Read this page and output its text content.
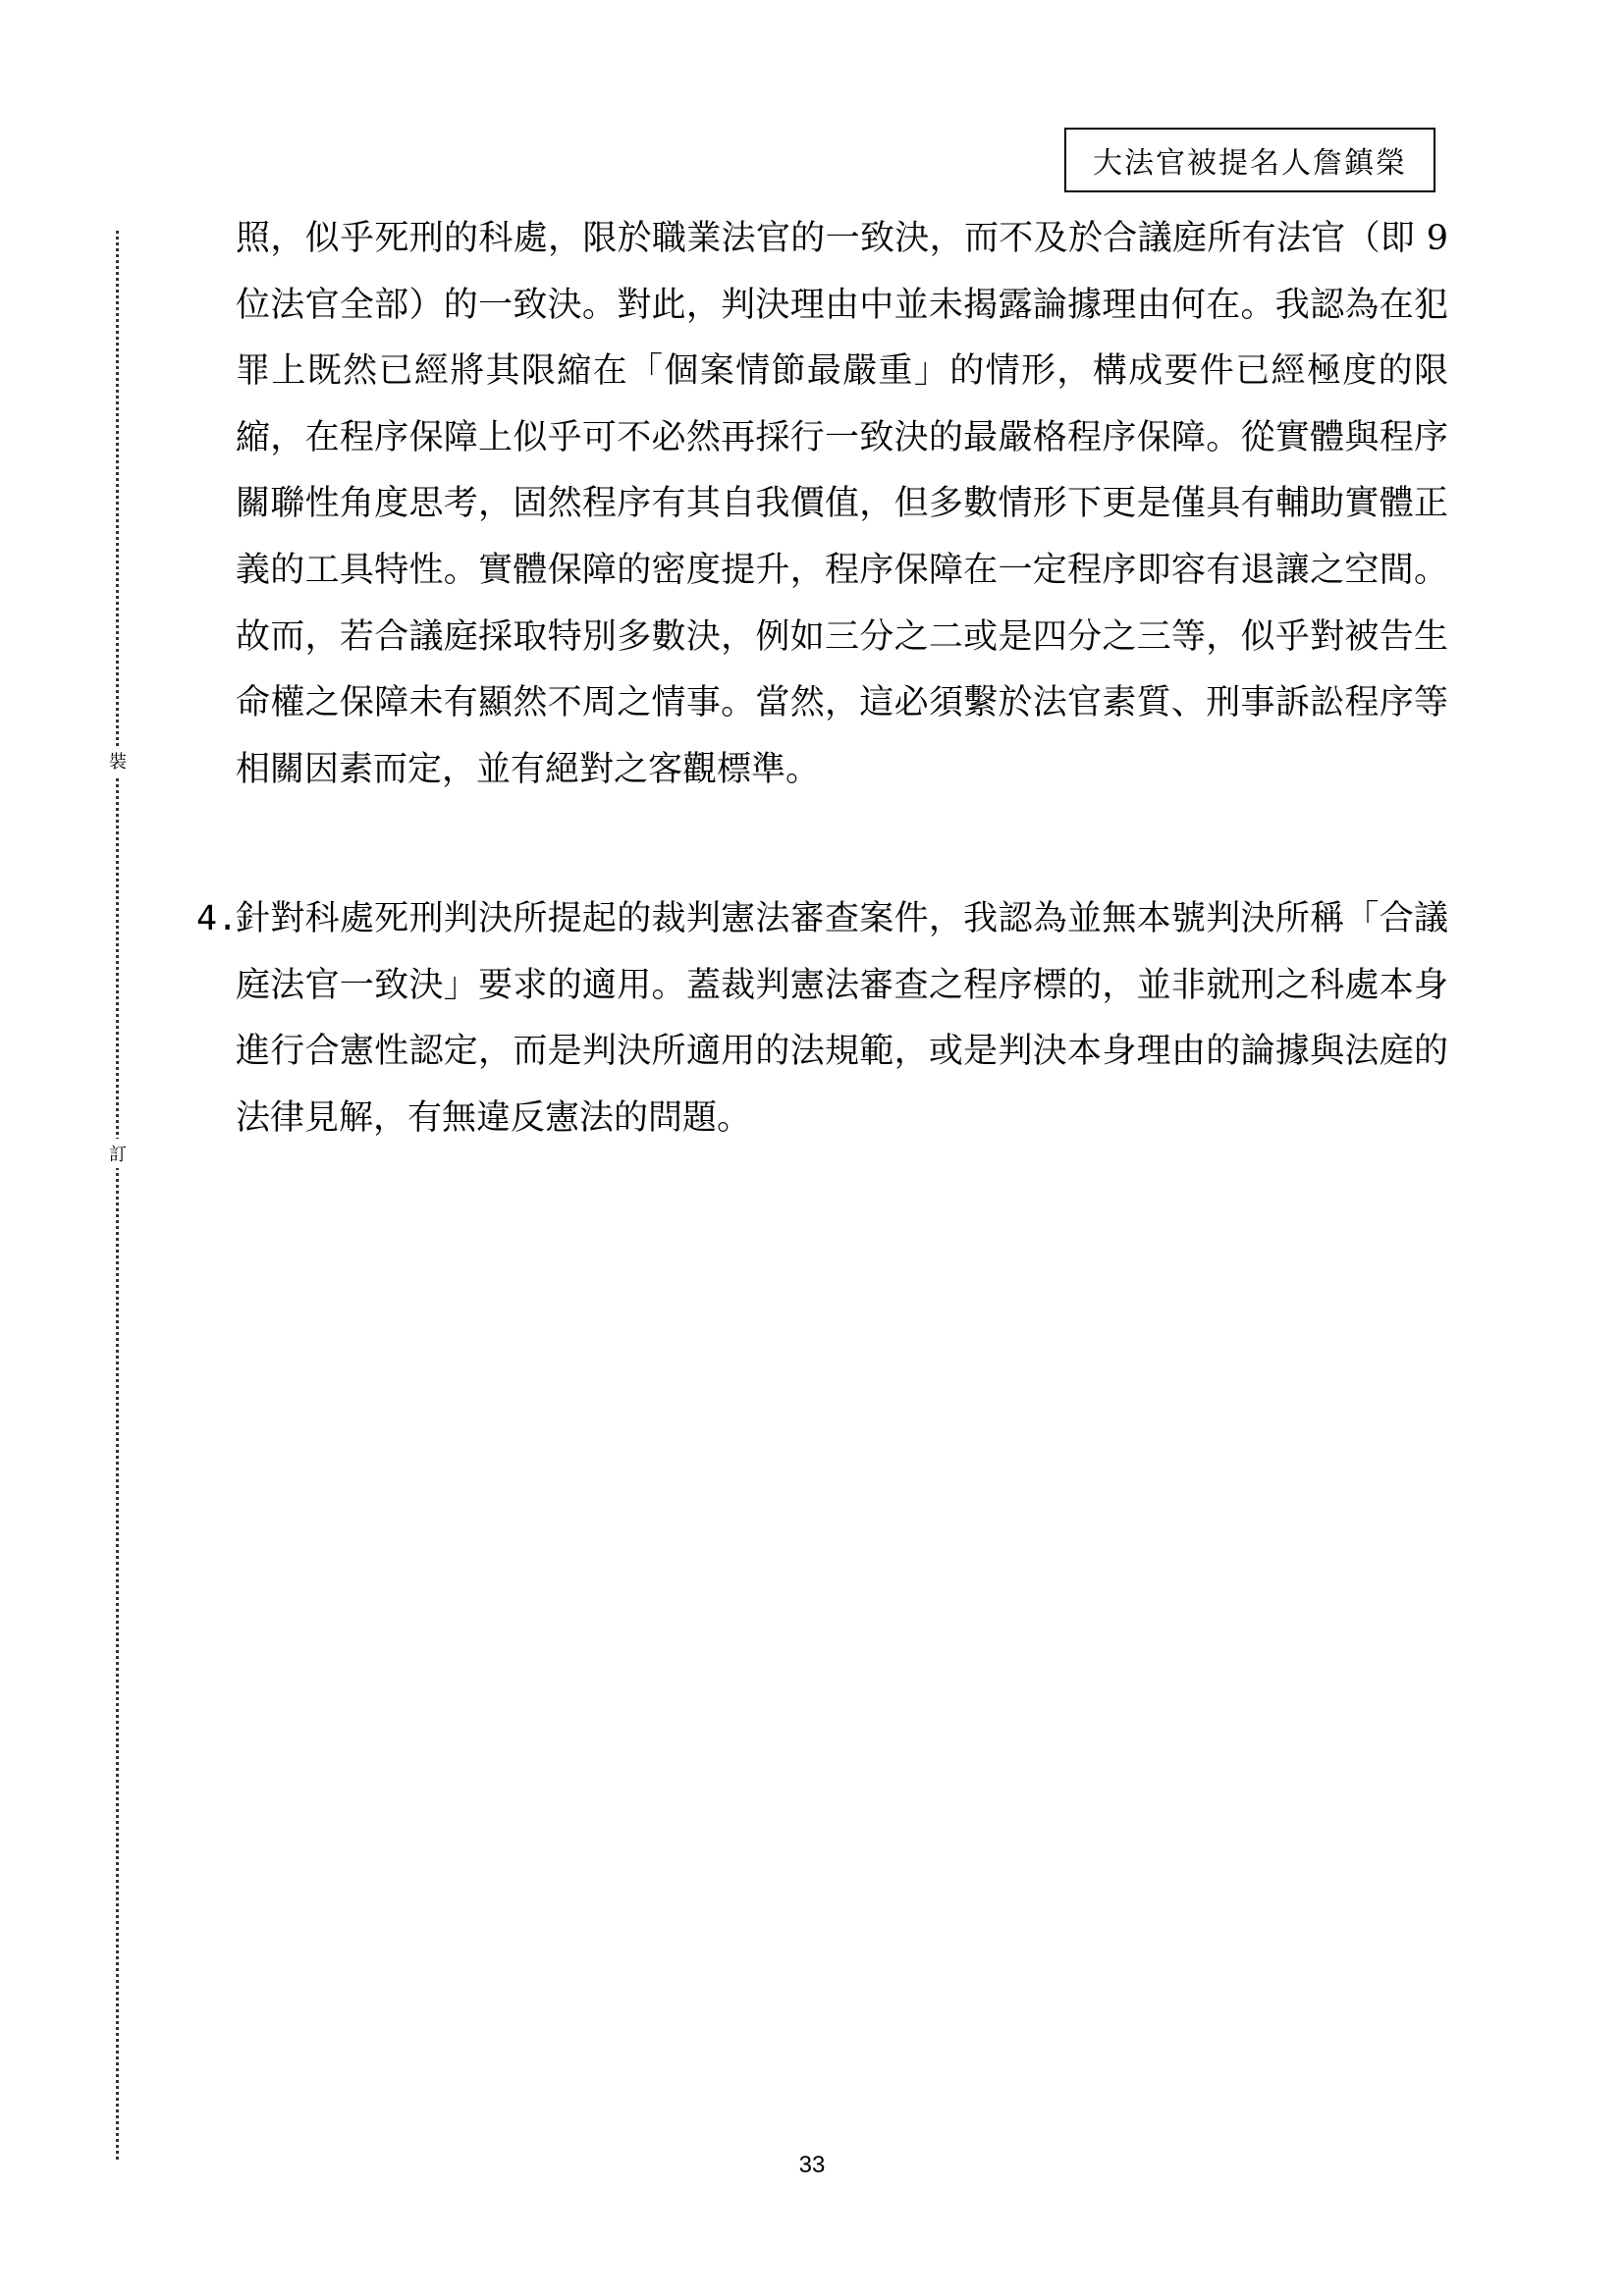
大法官被提名人詹鎮榮
裝
訂

照，似乎死刑的科處，限於職業法官的一致決，而不及於合議庭所有法官（即 9 位法官全部）的一致決。對此，判決理由中並未揭露論據理由何在。我認為在犯罪上既然已經將其限縮在「個案情節最嚴重」的情形，構成要件已經極度的限縮，在程序保障上似乎可不必然再採行一致決的最嚴格程序保障。從實體與程序關聯性角度思考，固然程序有其自我價值，但多數情形下更是僅具有輔助實體正義的工具特性。實體保障的密度提升，程序保障在一定程序即容有退讓之空間。故而，若合議庭採取特別多數決，例如三分之二或是四分之三等，似乎對被告生命權之保障未有顯然不周之情事。當然，這必須繫於法官素質、刑事訴訟程序等相關因素而定，並有絕對之客觀標準。

4.

針對科處死刑判決所提起的裁判憲法審查案件，我認為並無本號判決所稱「合議庭法官一致決」要求的適用。蓋裁判憲法審查之程序標的，並非就刑之科處本身進行合憲性認定，而是判決所適用的法規範，或是判決本身理由的論據與法庭的法律見解，有無違反憲法的問題。

33
